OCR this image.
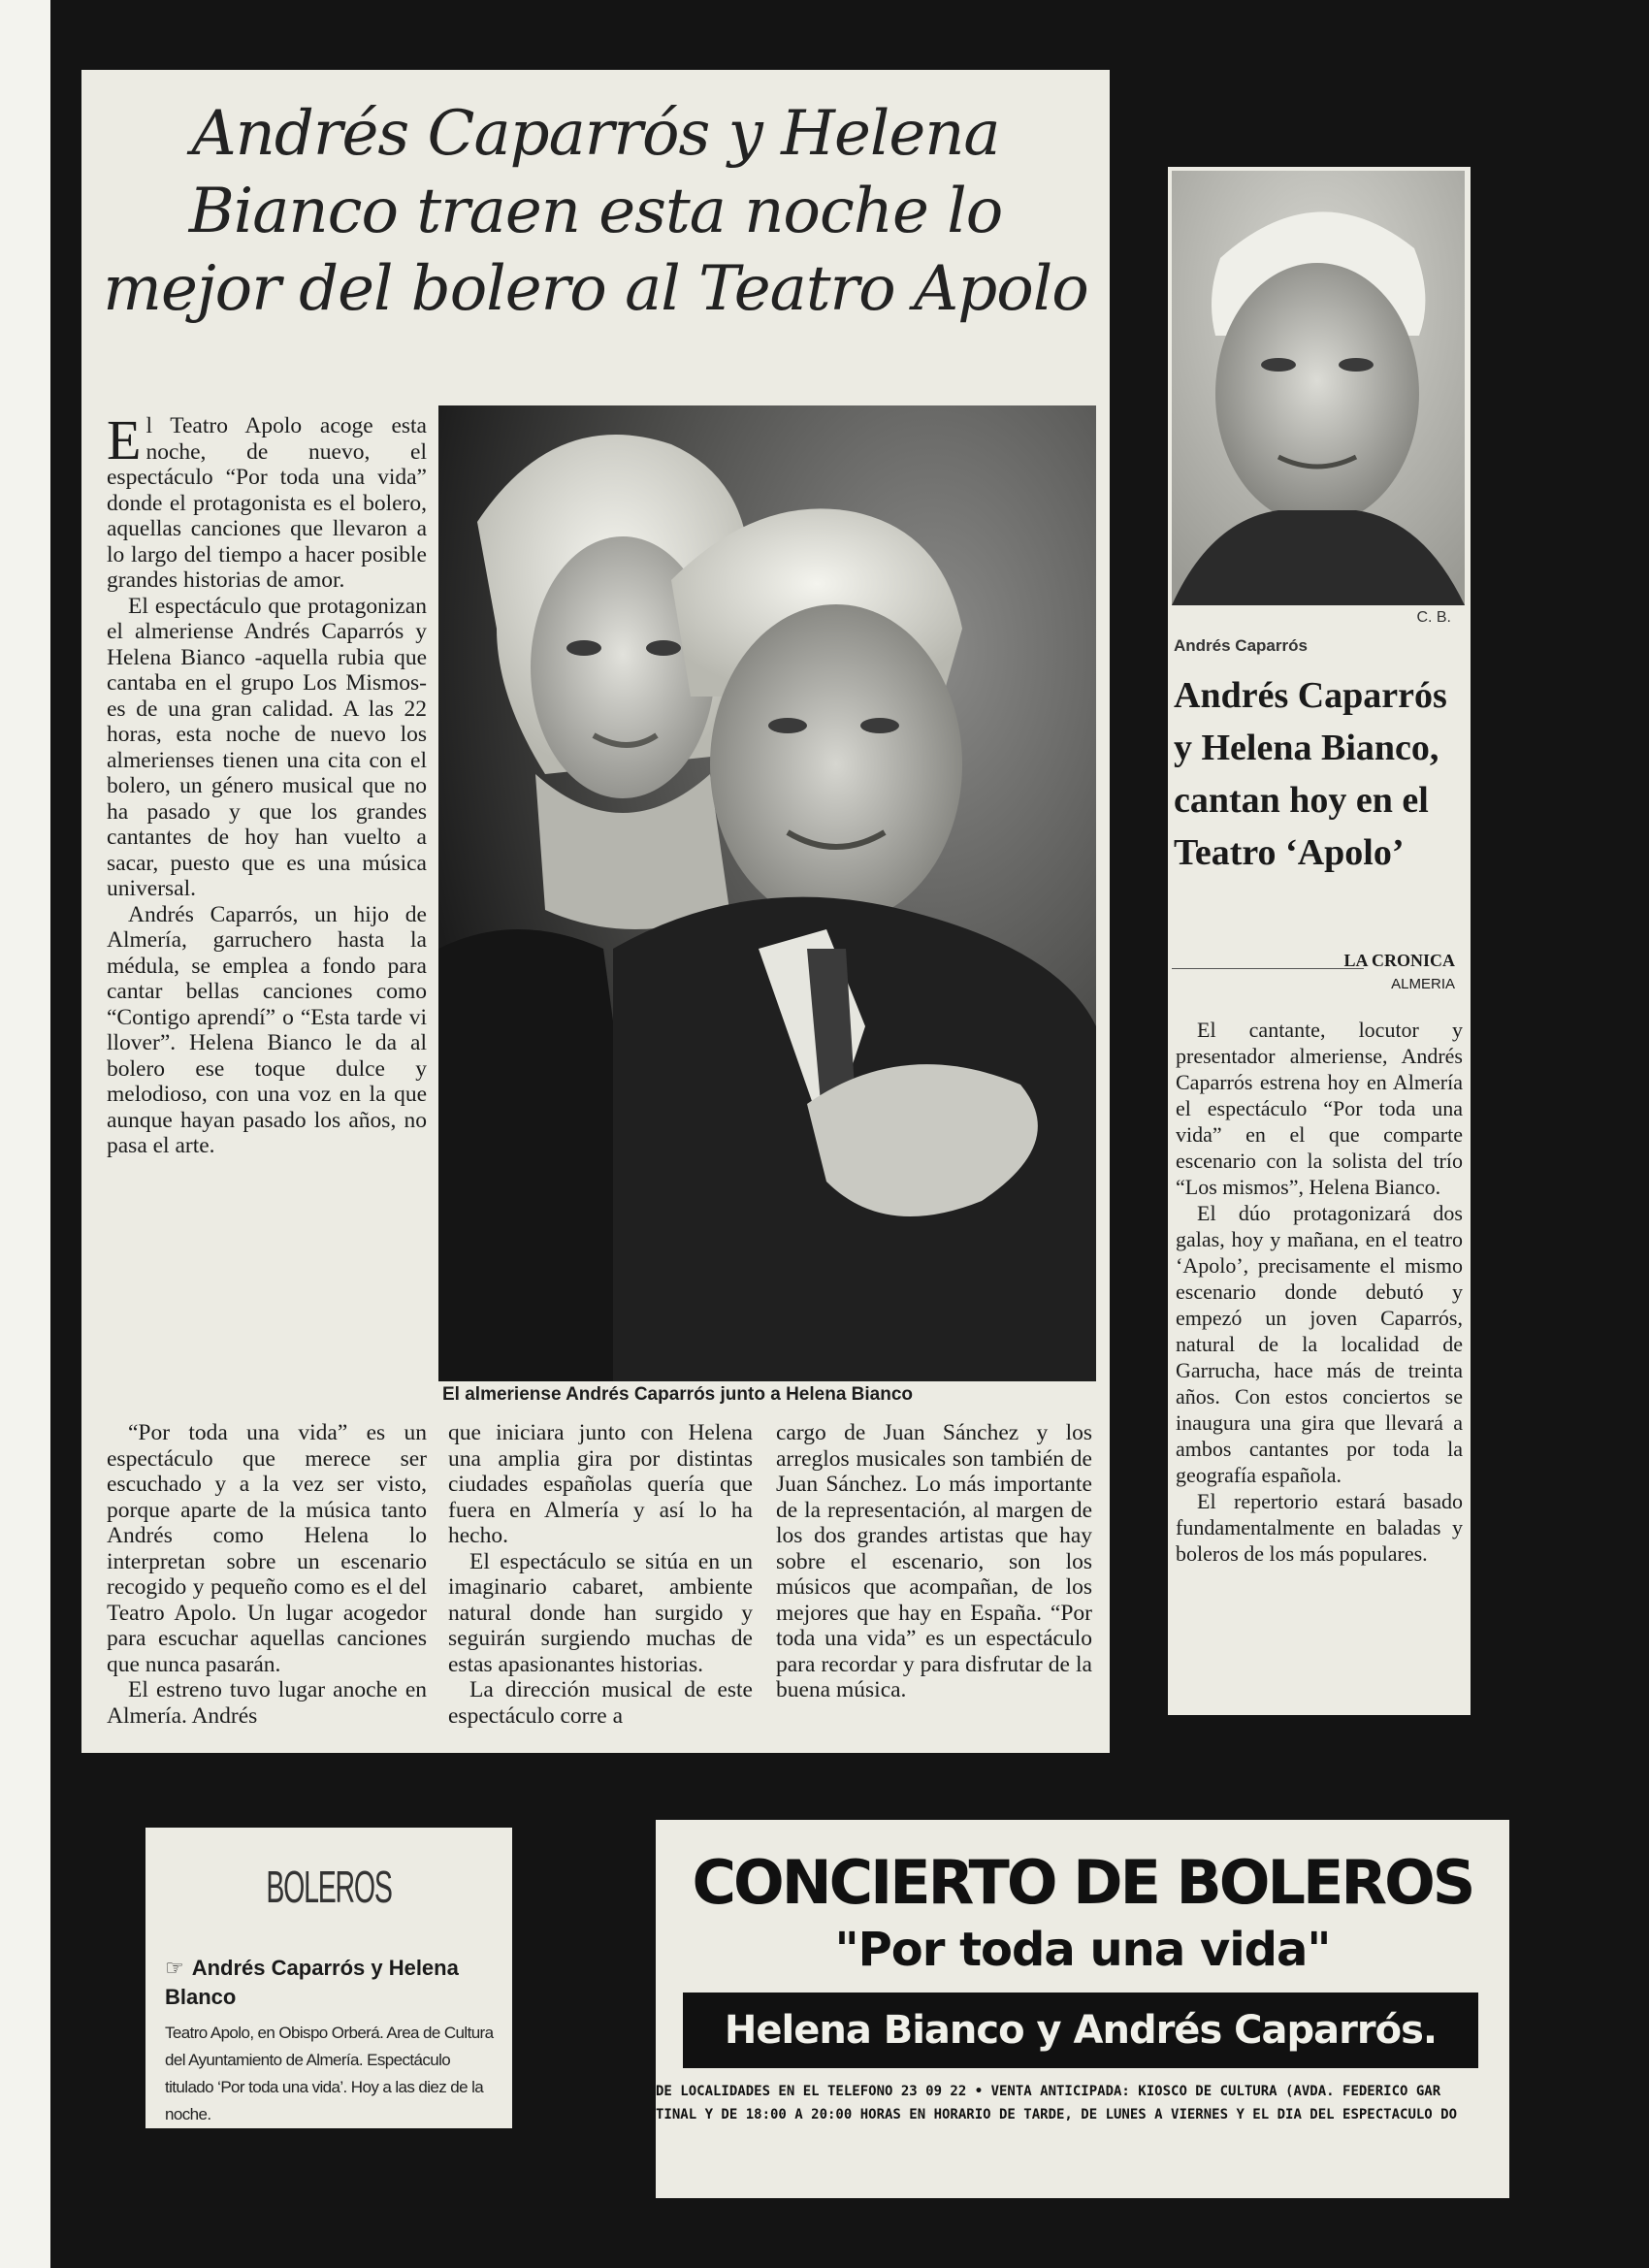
Andrés Caparrós y Helena Bianco traen esta noche lo mejor del bolero al Teatro Apolo

El Teatro Apolo acoge esta noche, de nuevo, el espectáculo “Por toda una vida” donde el protagonista es el bolero, aquellas canciones que llevaron a lo largo del tiempo a hacer posible grandes historias de amor.

El espectáculo que protagonizan el almeriense Andrés Caparrós y Helena Bianco -aquella rubia que cantaba en el grupo Los Mismos- es de una gran calidad. A las 22 horas, esta noche de nuevo los almerienses tienen una cita con el bolero, un género musical que no ha pasado y que los grandes cantantes de hoy han vuelto a sacar, puesto que es una música universal.

Andrés Caparrós, un hijo de Almería, garruchero hasta la médula, se emplea a fondo para cantar bellas canciones como “Contigo aprendí” o “Esta tarde vi llover”. Helena Bianco le da al bolero ese toque dulce y melodioso, con una voz en la que aunque hayan pasado los años, no pasa el arte.

El almeriense Andrés Caparrós junto a Helena Bianco

“Por toda una vida” es un espectáculo que merece ser escuchado y a la vez ser visto, porque aparte de la música tanto Andrés como Helena lo interpretan sobre un escenario recogido y pequeño como es el del Teatro Apolo. Un lugar acogedor para escuchar aquellas canciones que nunca pasarán.

El estreno tuvo lugar anoche en Almería. Andrés

que iniciara junto con Helena una amplia gira por distintas ciudades españolas quería que fuera en Almería y así lo ha hecho.

El espectáculo se sitúa en un imaginario cabaret, ambiente natural donde han surgido y seguirán surgiendo muchas de estas apasionantes historias.

La dirección musical de este espectáculo corre a

cargo de Juan Sánchez y los arreglos musicales son también de Juan Sánchez. Lo más importante de la representación, al margen de los dos grandes artistas que hay sobre el escenario, son los músicos que acompañan, de los mejores que hay en España. “Por toda una vida” es un espectáculo para recordar y para disfrutar de la buena música.

C. B.
Andrés Caparrós
Andrés Caparrós y Helena Bianco, cantan hoy en el Teatro ‘Apolo’
LA CRONICA
ALMERIA

El cantante, locutor y presentador almeriense, Andrés Caparrós estrena hoy en Almería el espectáculo “Por toda una vida” en el que comparte escenario con la solista del trío “Los mismos”, Helena Bianco.

El dúo protagonizará dos galas, hoy y mañana, en el teatro ‘Apolo’, precisamente el mismo escenario donde debutó y empezó un joven Caparrós, natural de la localidad de Garrucha, hace más de treinta años. Con estos conciertos se inaugura una gira que llevará a ambos cantantes por toda la geografía española.

El repertorio estará basado fundamentalmente en baladas y boleros de los más populares.

BOLEROS
☞ Andrés Caparrós y Helena Blanco
Teatro Apolo, en Obispo Orberá. Area de Cultura del Ayuntamiento de Almería. Espectáculo titulado ‘Por toda una vida’. Hoy a las diez de la noche.
CONCIERTO DE BOLEROS
"Por toda una vida"
Helena Bianco y Andrés Caparrós.
DE LOCALIDADES EN EL TELEFONO 23 09 22 • VENTA ANTICIPADA: KIOSCO DE CULTURA (AVDA. FEDERICO GAR
TINAL Y DE 18:00 A 20:00 HORAS EN HORARIO DE TARDE, DE LUNES A VIERNES Y EL DIA DEL ESPECTACULO DO
